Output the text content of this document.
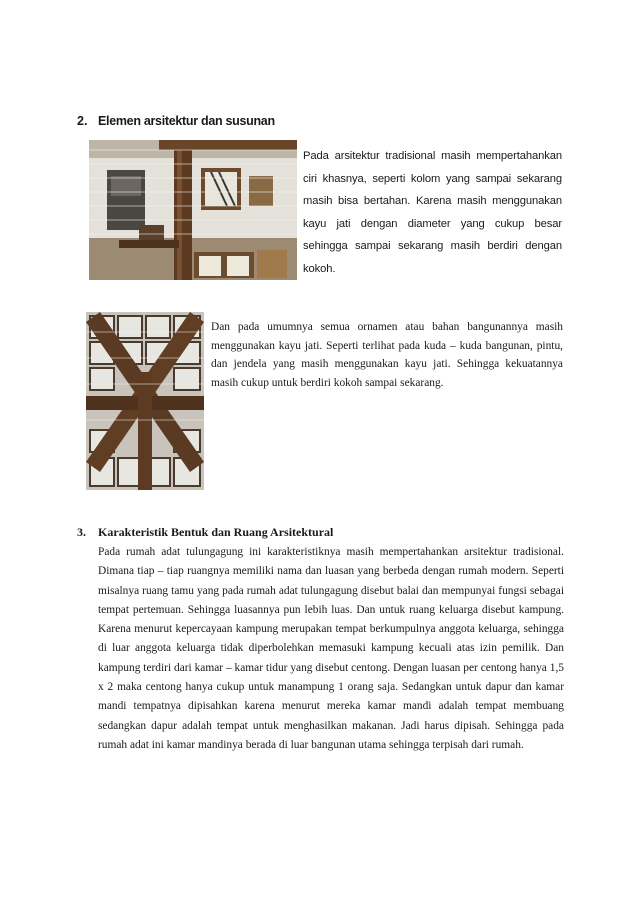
2. Elemen arsitektur dan susunan

Pada arsitektur tradisional masih mempertahankan ciri khasnya, seperti kolom yang sampai sekarang masih bisa bertahan. Karena masih menggunakan kayu jati dengan diameter yang cukup besar sehingga sampai sekarang masih berdiri dengan kokoh.

Dan pada umumnya semua ornamen atau bahan bangunannya masih menggunakan kayu jati. Seperti terlihat pada kuda – kuda bangunan, pintu, dan jendela yang masih menggunakan kayu jati. Sehingga kekuatannya masih cukup untuk berdiri kokoh sampai sekarang.

3. Karakteristik Bentuk dan Ruang Arsitektural

Pada rumah adat tulungagung ini karakteristiknya masih mempertahankan arsitektur tradisional. Dimana tiap – tiap ruangnya memiliki nama dan luasan yang berbeda dengan rumah modern. Seperti misalnya ruang tamu yang pada rumah adat tulungagung disebut balai dan mempunyai fungsi sebagai tempat pertemuan. Sehingga luasannya pun lebih luas. Dan untuk ruang keluarga disebut kampung. Karena menurut kepercayaan kampung merupakan tempat berkumpulnya anggota keluarga, sehingga di luar anggota keluarga tidak diperbolehkan memasuki kampung kecuali atas izin pemilik. Dan kampung terdiri dari kamar – kamar tidur yang disebut centong. Dengan luasan per centong hanya 1,5 x 2 maka centong hanya cukup untuk manampung 1 orang saja. Sedangkan untuk dapur dan kamar mandi tempatnya dipisahkan karena menurut mereka kamar mandi adalah tempat membuang sedangkan dapur adalah tempat untuk menghasilkan makanan. Jadi harus dipisah. Sehingga pada rumah adat ini kamar mandinya berada di luar bangunan utama sehingga terpisah dari rumah.
